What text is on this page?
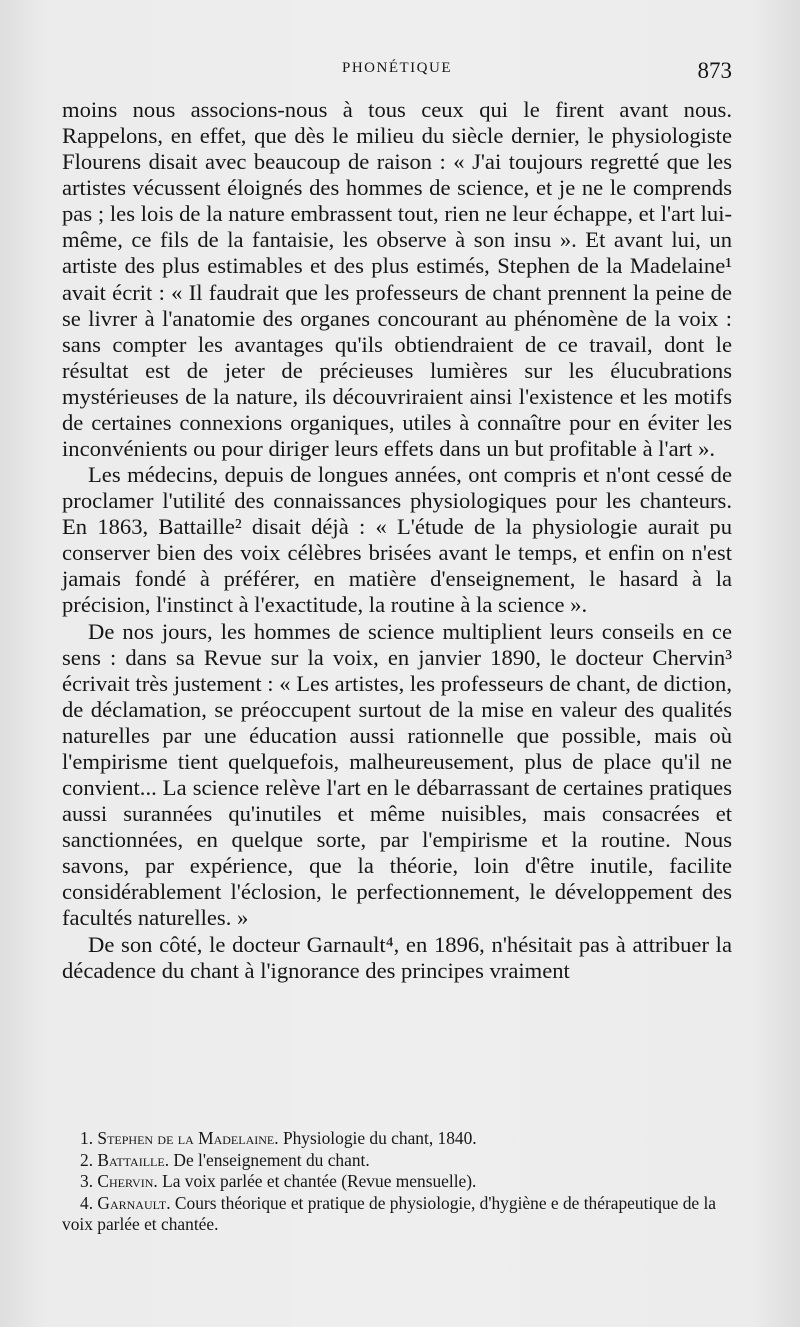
PHONÉTIQUE	873

moins nous associons-nous à tous ceux qui le firent avant nous. Rappelons, en effet, que dès le milieu du siècle dernier, le physiologiste Flourens disait avec beaucoup de raison : « J'ai toujours regretté que les artistes vécussent éloignés des hommes de science, et je ne le comprends pas ; les lois de la nature embrassent tout, rien ne leur échappe, et l'art lui-même, ce fils de la fantaisie, les observe à son insu ». Et avant lui, un artiste des plus estimables et des plus estimés, Stephen de la Madelaine¹ avait écrit : « Il faudrait que les professeurs de chant prennent la peine de se livrer à l'anatomie des organes concourant au phénomène de la voix : sans compter les avantages qu'ils obtiendraient de ce travail, dont le résultat est de jeter de précieuses lumières sur les élucubrations mystérieuses de la nature, ils découvriraient ainsi l'existence et les motifs de certaines connexions organiques, utiles à connaître pour en éviter les inconvénients ou pour diriger leurs effets dans un but profitable à l'art ».

Les médecins, depuis de longues années, ont compris et n'ont cessé de proclamer l'utilité des connaissances physiologiques pour les chanteurs. En 1863, Battaille² disait déjà : « L'étude de la physiologie aurait pu conserver bien des voix célèbres brisées avant le temps, et enfin on n'est jamais fondé à préférer, en matière d'enseignement, le hasard à la précision, l'instinct à l'exactitude, la routine à la science ».

De nos jours, les hommes de science multiplient leurs conseils en ce sens : dans sa Revue sur la voix, en janvier 1890, le docteur Chervin³ écrivait très justement : « Les artistes, les professeurs de chant, de diction, de déclamation, se préoccupent surtout de la mise en valeur des qualités naturelles par une éducation aussi rationnelle que possible, mais où l'empirisme tient quelquefois, malheureusement, plus de place qu'il ne convient... La science relève l'art en le débarrassant de certaines pratiques aussi surannées qu'inutiles et même nuisibles, mais consacrées et sanctionnées, en quelque sorte, par l'empirisme et la routine. Nous savons, par expérience, que la théorie, loin d'être inutile, facilite considérablement l'éclosion, le perfectionnement, le développement des facultés naturelles. »

De son côté, le docteur Garnault⁴, en 1896, n'hésitait pas à attribuer la décadence du chant à l'ignorance des principes vraiment

1. Stephen de la Madelaine. Physiologie du chant, 1840.

2. Battaille. De l'enseignement du chant.

3. Chervin. La voix parlée et chantée (Revue mensuelle).

4. Garnault. Cours théorique et pratique de physiologie, d'hygiène e de thérapeutique de la voix parlée et chantée.
